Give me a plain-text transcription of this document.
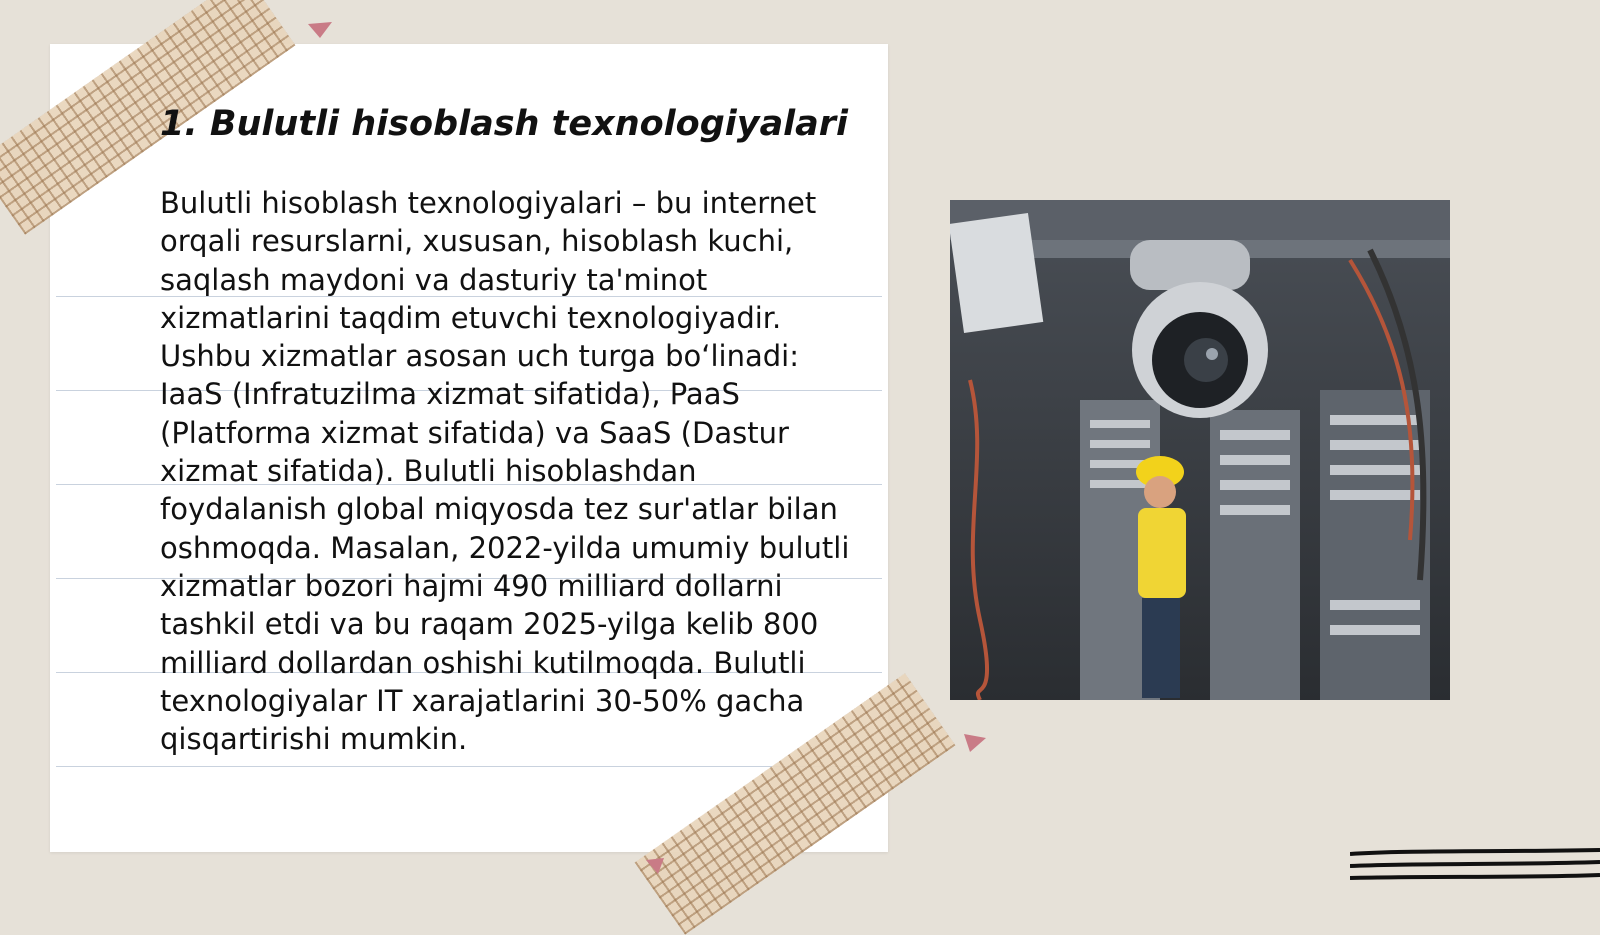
1. Bulutli hisoblash texnologiyalari

Bulutli hisoblash texnologiyalari – bu internet orqali resurslarni, xususan, hisoblash kuchi, saqlash maydoni va dasturiy ta'minot xizmatlarini taqdim etuvchi texnologiyadir. Ushbu xizmatlar asosan uch turga bo‘linadi: IaaS (Infratuzilma xizmat sifatida), PaaS (Platforma xizmat sifatida) va SaaS (Dastur xizmat sifatida). Bulutli hisoblashdan foydalanish global miqyosda tez sur'atlar bilan oshmoqda. Masalan, 2022-yilda umumiy bulutli xizmatlar bozori hajmi 490 milliard dollarni tashkil etdi va bu raqam 2025-yilga kelib 800 milliard dollardan oshishi kutilmoqda. Bulutli texnologiyalar IT xarajatlarini 30-50% gacha qisqartirishi mumkin.
